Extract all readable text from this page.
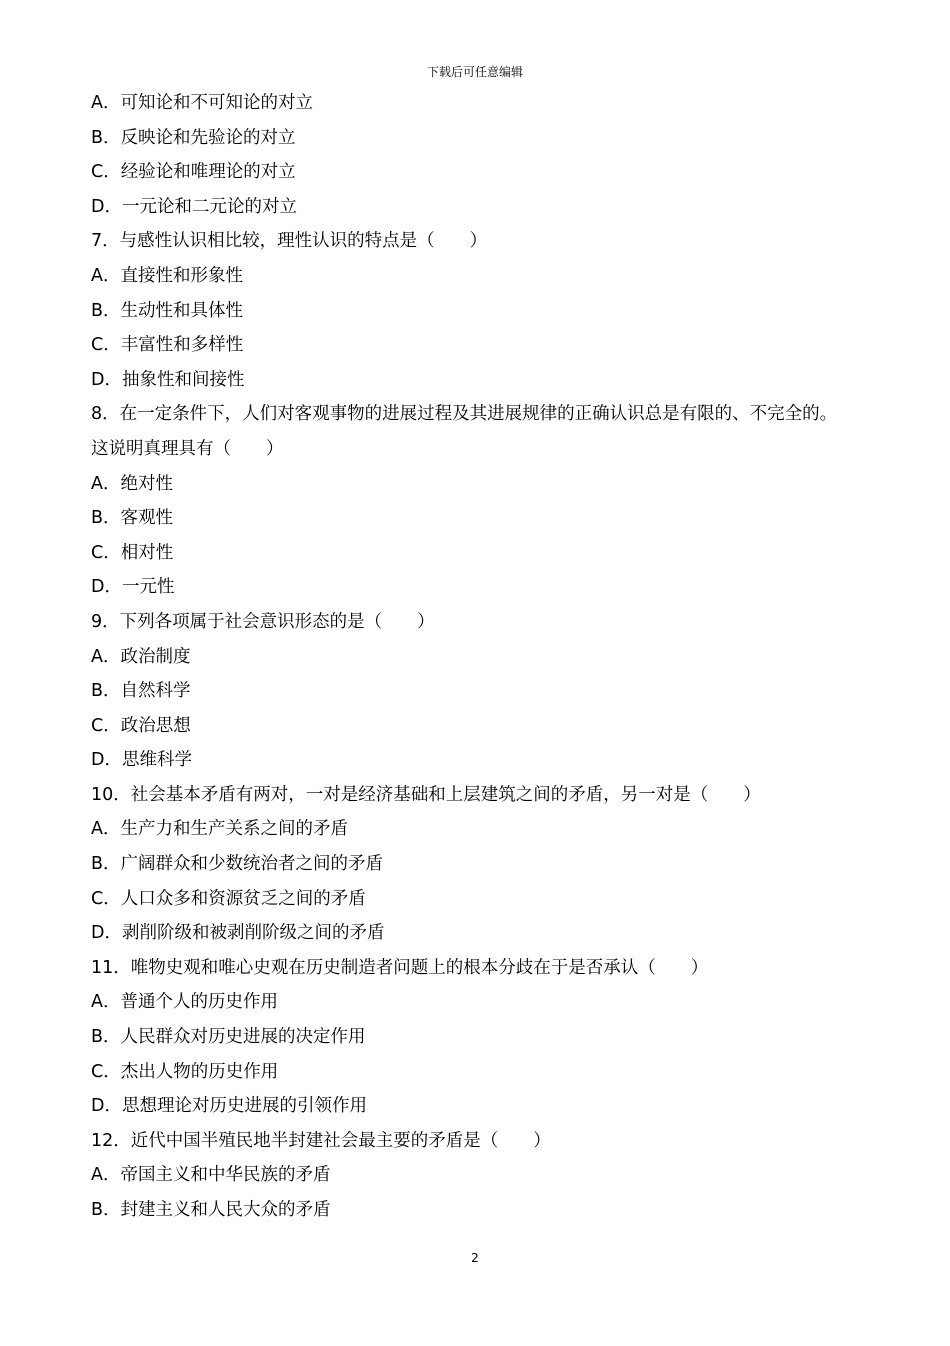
下载后可任意编辑
A．可知论和不可知论的对立
B．反映论和先验论的对立
C．经验论和唯理论的对立
D．一元论和二元论的对立
7．与感性认识相比较，理性认识的特点是（　　）
A．直接性和形象性
B．生动性和具体性
C．丰富性和多样性
D．抽象性和间接性
8．在一定条件下，人们对客观事物的进展过程及其进展规律的正确认识总是有限的、不完全的。
这说明真理具有（　　）
A．绝对性
B．客观性
C．相对性
D．一元性
9．下列各项属于社会意识形态的是（　　）
A．政治制度
B．自然科学
C．政治思想
D．思维科学
10．社会基本矛盾有两对，一对是经济基础和上层建筑之间的矛盾，另一对是（　　）
A．生产力和生产关系之间的矛盾
B．广阔群众和少数统治者之间的矛盾
C．人口众多和资源贫乏之间的矛盾
D．剥削阶级和被剥削阶级之间的矛盾
11．唯物史观和唯心史观在历史制造者问题上的根本分歧在于是否承认（　　）
A．普通个人的历史作用
B．人民群众对历史进展的决定作用
C．杰出人物的历史作用
D．思想理论对历史进展的引领作用
12．近代中国半殖民地半封建社会最主要的矛盾是（　　）
A．帝国主义和中华民族的矛盾
B．封建主义和人民大众的矛盾
2
